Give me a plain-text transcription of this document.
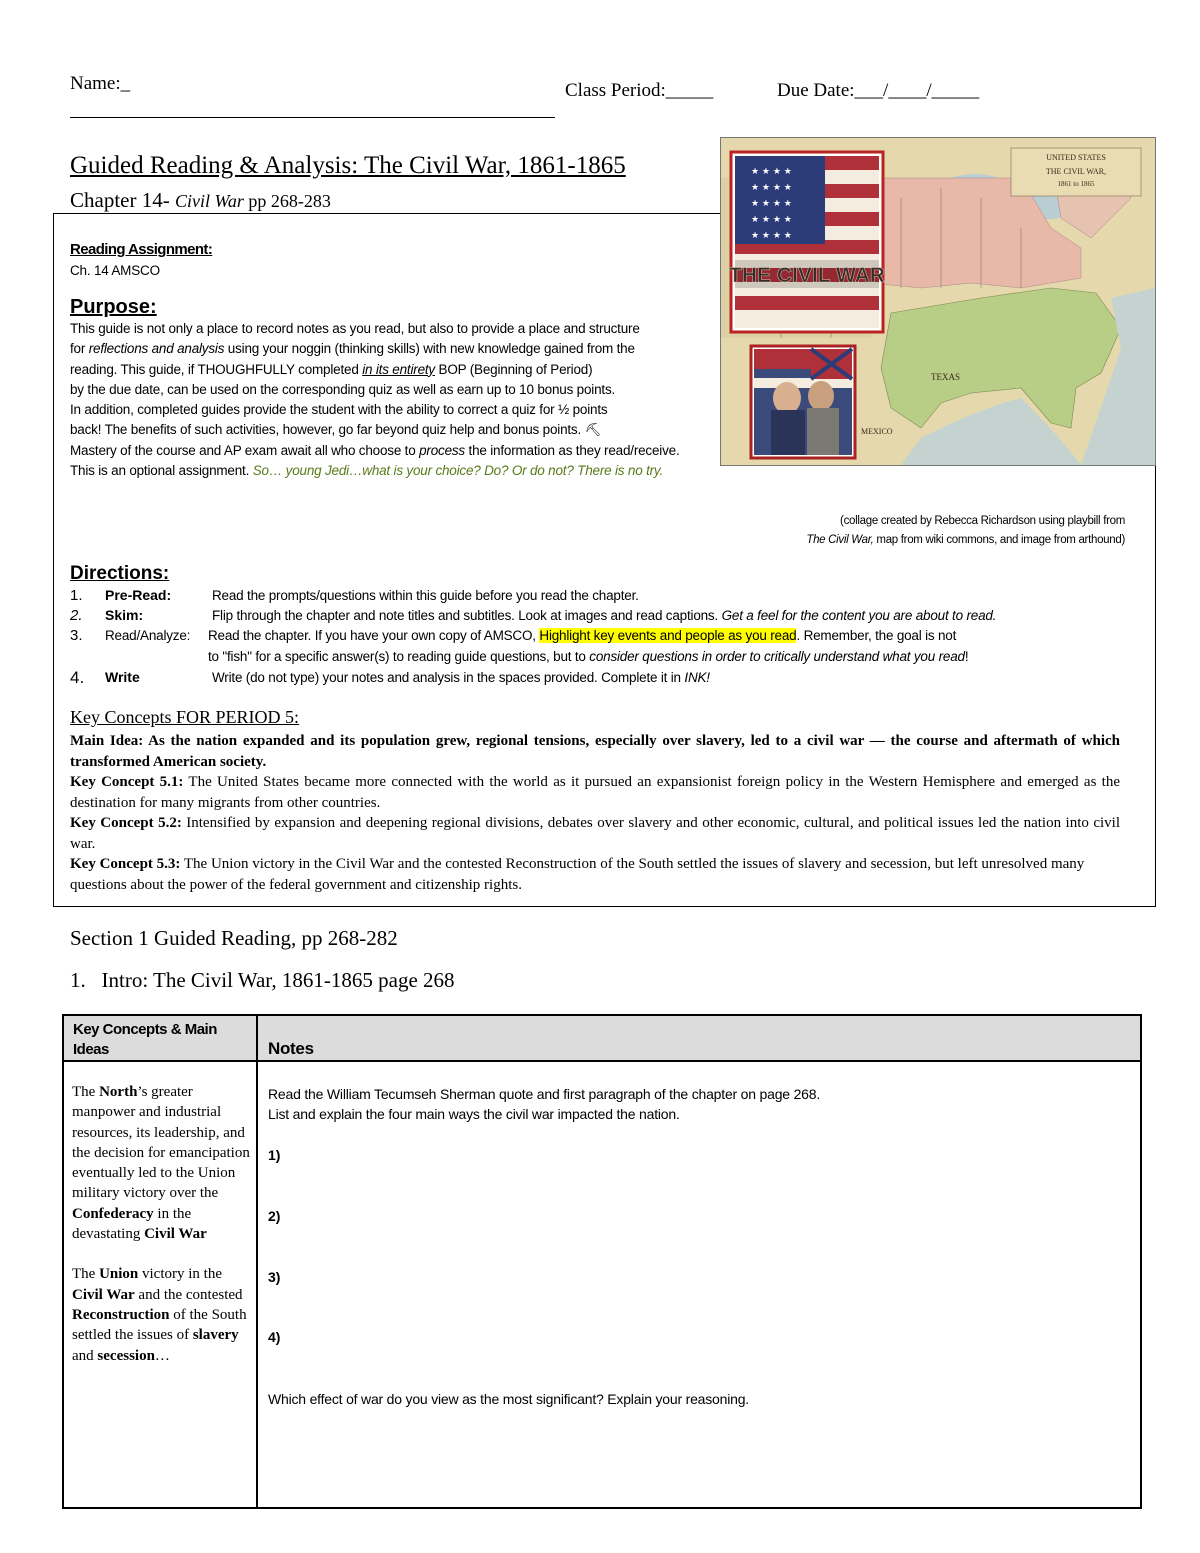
Name:_	Class Period:_____	Due Date:___/____/_____
Guided Reading & Analysis: The Civil War, 1861-1865
Chapter 14- Civil War pp 268-283
UNITED STATES
THE CIVIL WAR,
1861 to 1865
TEXAS
MEXICO
★ ★ ★ ★
★ ★ ★ ★
★ ★ ★ ★
★ ★ ★ ★
★ ★ ★ ★
THE CIVIL WAR
Reading Assignment:
Ch. 14 AMSCO
Purpose:
This guide is not only a place to record notes as you read, but also to provide a place and structure
for reflections and analysis using your noggin (thinking skills) with new knowledge gained from the
reading. This guide, if THOUGHFULLY completed in its entirety BOP (Beginning of Period)
by the due date, can be used on the corresponding quiz as well as earn up to 10 bonus points.
In addition, completed guides provide the student with the ability to correct a quiz for ½ points
back! The benefits of such activities, however, go far beyond quiz help and bonus points. ⛏
Mastery of the course and AP exam await all who choose to process the information as they read/receive.
This is an optional assignment. So… young Jedi…what is your choice? Do? Or do not? There is no try.
(collage created by Rebecca Richardson using playbill from
The Civil War, map from wiki commons, and image from arthound)
Directions:
1. Pre-Read:	Read the prompts/questions within this guide before you read the chapter.
2. Skim:	Flip through the chapter and note titles and subtitles. Look at images and read captions. Get a feel for the content you are about to read.
3. Read/Analyze: Read the chapter. If you have your own copy of AMSCO, Highlight key events and people as you read. Remember, the goal is not
to "fish" for a specific answer(s) to reading guide questions, but to consider questions in order to critically understand what you read!
4. Write	Write (do not type) your notes and analysis in the spaces provided. Complete it in INK!
Key Concepts FOR PERIOD 5:
Main Idea: As the nation expanded and its population grew, regional tensions, especially over slavery, led to a civil war — the course and aftermath of which transformed American society.
Key Concept 5.1: The United States became more connected with the world as it pursued an expansionist foreign policy in the Western Hemisphere and emerged as the destination for many migrants from other countries.
Key Concept 5.2: Intensified by expansion and deepening regional divisions, debates over slavery and other economic, cultural, and political issues led the nation into civil war.
Key Concept 5.3: The Union victory in the Civil War and the contested Reconstruction of the South settled the issues of slavery and secession, but left unresolved many questions about the power of the federal government and citizenship rights.
Section 1 Guided Reading, pp 268-282
1.   Intro: The Civil War, 1861-1865 page 268
Key Concepts & Main Ideas	Notes
The North’s greater manpower and industrial resources, its leadership, and the decision for emancipation eventually led to the Union military victory over the Confederacy in the devastating Civil War
The Union victory in the Civil War and the contested Reconstruction of the South settled the issues of slavery and secession…
Read the William Tecumseh Sherman quote and first paragraph of the chapter on page 268.
List and explain the four main ways the civil war impacted the nation.
1)
2)
3)
4)
Which effect of war do you view as the most significant? Explain your reasoning.
